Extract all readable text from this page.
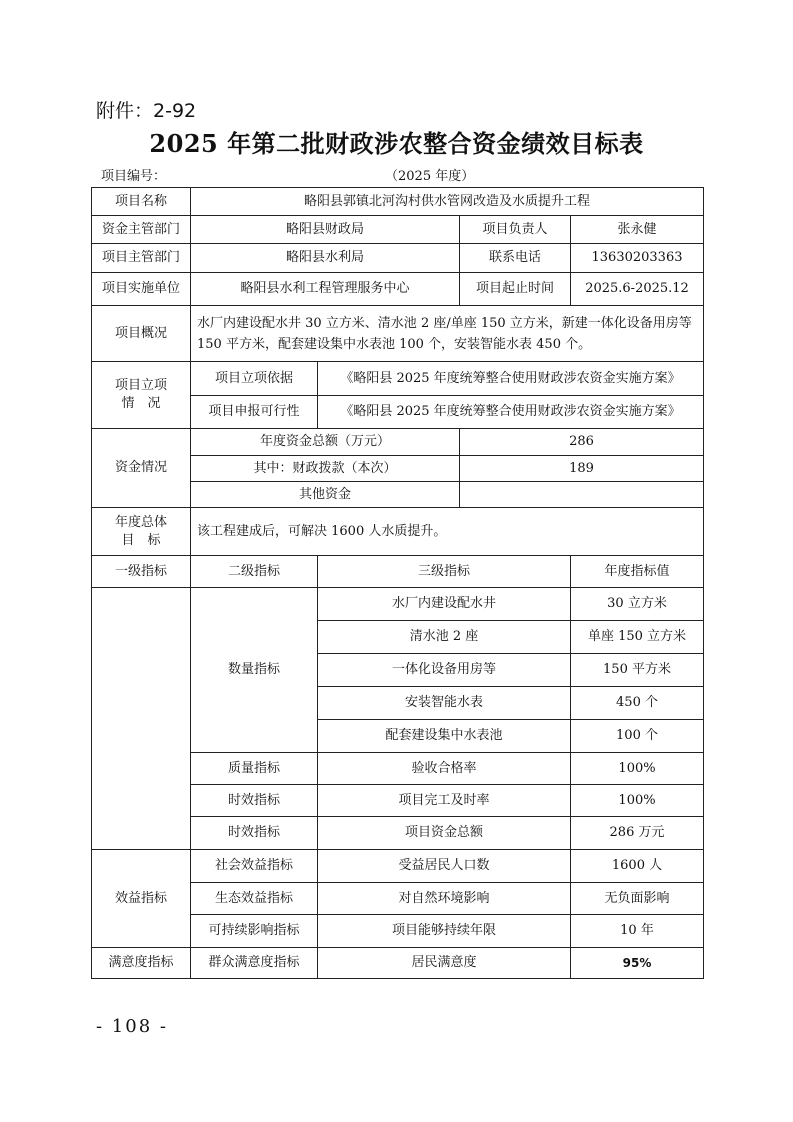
附件：2-92
2025 年第二批财政涉农整合资金绩效目标表
项目编号：	（2025 年度）
项目名称	略阳县郭镇北河沟村供水管网改造及水质提升工程			
资金主管部门	略阳县财政局		项目负责人	张永健
项目主管部门	略阳县水利局		联系电话	13630203363
项目实施单位	略阳县水利工程管理服务中心		项目起止时间	2025.6-2025.12
项目概况	水厂内建设配水井 30 立方米、清水池 2 座/单座 150 立方米，新建一体化设备用房等 150 平方米，配套建设集中水表池 100 个，安装智能水表 450 个。			

项目立项
情　况	项目立项依据	《略阳县 2025 年度统筹整合使用财政涉农资金实施方案》		
	项目申报可行性	《略阳县 2025 年度统筹整合使用财政涉农资金实施方案》		
资金情况	年度资金总额（万元）		286	
	其中：财政拨款（本次）		189	
	其他资金			

年度总体
目　标	该工程建成后，可解决 1600 人水质提升。			
一级指标	二级指标	三级指标		年度指标值
	数量指标	水厂内建设配水井		30 立方米
		清水池 2 座		单座 150 立方米
		一体化设备用房等		150 平方米
		安装智能水表		450 个
		配套建设集中水表池		100 个
	质量指标	验收合格率		100%
	时效指标	项目完工及时率		100%
	时效指标	项目资金总额		286 万元
效益指标	社会效益指标	受益居民人口数		1600 人
	生态效益指标	对自然环境影响		无负面影响
	可持续影响指标	项目能够持续年限		10 年
满意度指标	群众满意度指标	居民满意度		95%
- 108 -
